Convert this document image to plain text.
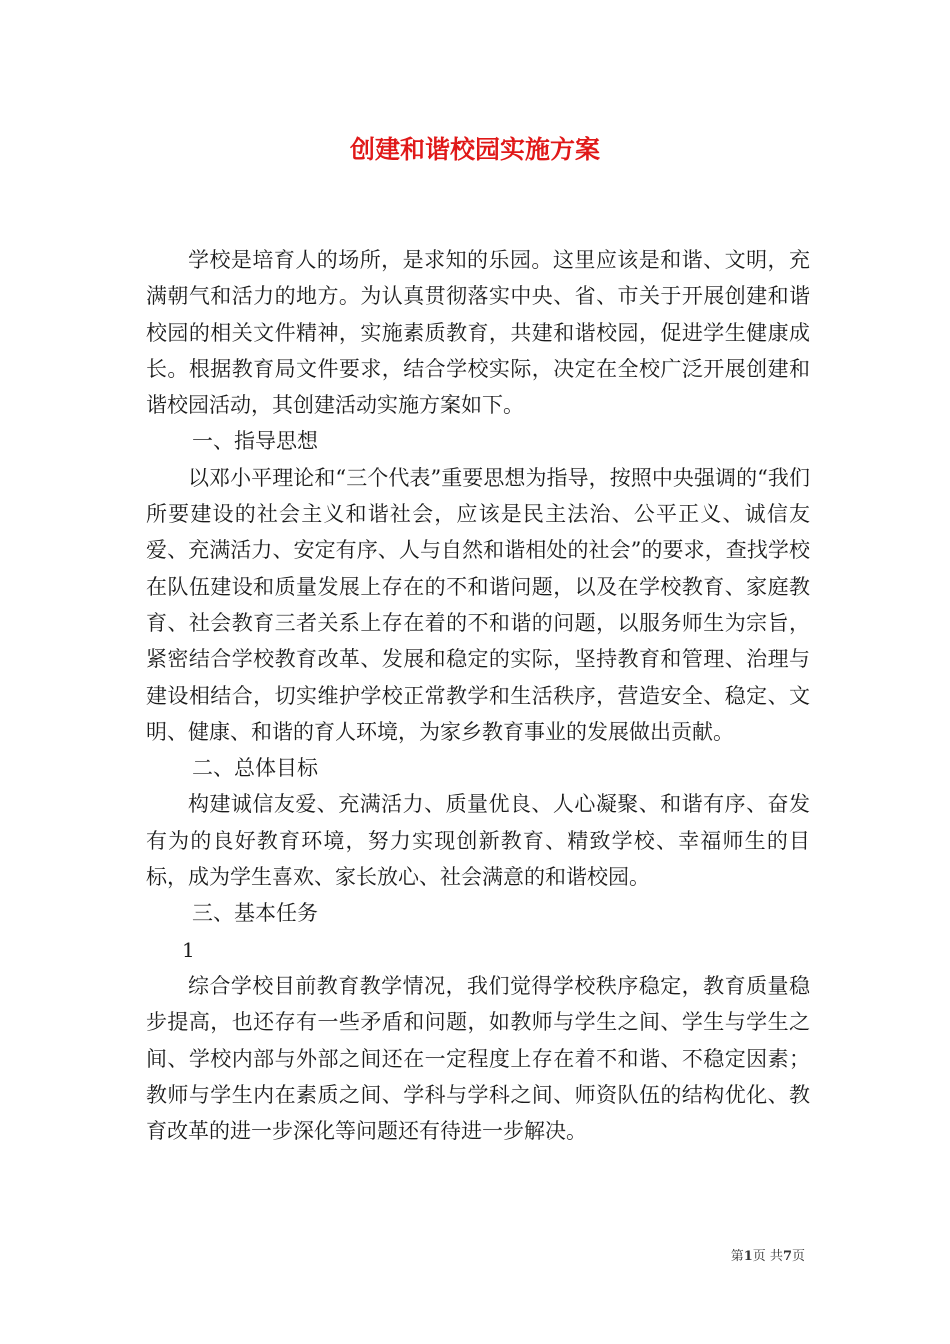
创建和谐校园实施方案

学校是培育人的场所，是求知的乐园。这里应该是和谐、文明，充满朝气和活力的地方。为认真贯彻落实中央、省、市关于开展创建和谐校园的相关文件精神，实施素质教育，共建和谐校园，促进学生健康成长。根据教育局文件要求，结合学校实际，决定在全校广泛开展创建和谐校园活动，其创建活动实施方案如下。

一、指导思想

以邓小平理论和“三个代表”重要思想为指导，按照中央强调的“我们所要建设的社会主义和谐社会，应该是民主法治、公平正义、诚信友爱、充满活力、安定有序、人与自然和谐相处的社会”的要求，查找学校在队伍建设和质量发展上存在的不和谐问题，以及在学校教育、家庭教育、社会教育三者关系上存在着的不和谐的问题，以服务师生为宗旨，紧密结合学校教育改革、发展和稳定的实际，坚持教育和管理、治理与建设相结合，切实维护学校正常教学和生活秩序，营造安全、稳定、文明、健康、和谐的育人环境，为家乡教育事业的发展做出贡献。

二、总体目标

构建诚信友爱、充满活力、质量优良、人心凝聚、和谐有序、奋发有为的良好教育环境，努力实现创新教育、精致学校、幸福师生的目标，成为学生喜欢、家长放心、社会满意的和谐校园。

三、基本任务

1

综合学校目前教育教学情况，我们觉得学校秩序稳定，教育质量稳步提高，也还存有一些矛盾和问题，如教师与学生之间、学生与学生之间、学校内部与外部之间还在一定程度上存在着不和谐、不稳定因素；教师与学生内在素质之间、学科与学科之间、师资队伍的结构优化、教育改革的进一步深化等问题还有待进一步解决。

第1页 共7页
